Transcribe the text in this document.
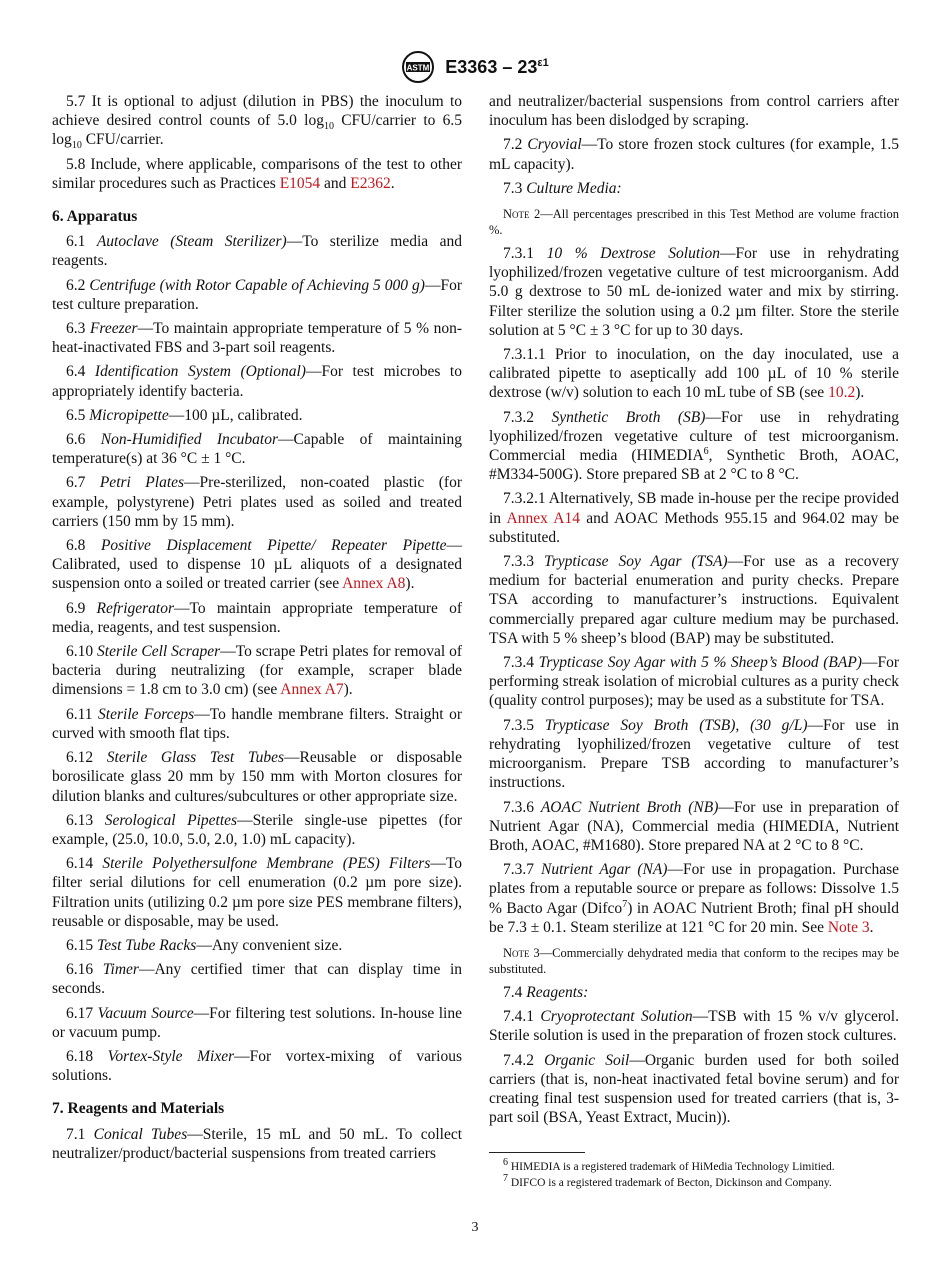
ASTM $E3363 - 23^{\varepsilon 1}$

5.7 It is optional to adjust (dilution in PBS) the inoculum to achieve desired control counts of 5.0 $\log_{10}$ CFU/carrier to 6.5 $\log_{10}$ CFU/carrier.

5.8 Include, where applicable, comparisons of the test to other similar procedures such as Practices E1054 and E2362.

6. Apparatus

6.1 Autoclave (Steam Sterilizer)—To sterilize media and reagents.

6.2 Centrifuge (with Rotor Capable of Achieving 5 000 g)—For test culture preparation.

6.3 Freezer—To maintain appropriate temperature of 5 % non-heat-inactivated FBS and 3-part soil reagents.

6.4 Identification System (Optional)—For test microbes to appropriately identify bacteria.

6.5 Micropipette—100 µL, calibrated.

6.6 Non-Humidified Incubator—Capable of maintaining temperature(s) at 36 °C ± 1 °C.

6.7 Petri Plates—Pre-sterilized, non-coated plastic (for example, polystyrene) Petri plates used as soiled and treated carriers (150 mm by 15 mm).

6.8 Positive Displacement Pipette/ Repeater Pipette—Calibrated, used to dispense 10 µL aliquots of a designated suspension onto a soiled or treated carrier (see Annex A8).

6.9 Refrigerator—To maintain appropriate temperature of media, reagents, and test suspension.

6.10 Sterile Cell Scraper—To scrape Petri plates for removal of bacteria during neutralizing (for example, scraper blade dimensions = 1.8 cm to 3.0 cm) (see Annex A7).

6.11 Sterile Forceps—To handle membrane filters. Straight or curved with smooth flat tips.

6.12 Sterile Glass Test Tubes—Reusable or disposable borosilicate glass 20 mm by 150 mm with Morton closures for dilution blanks and cultures/subcultures or other appropriate size.

6.13 Serological Pipettes—Sterile single-use pipettes (for example, (25.0, 10.0, 5.0, 2.0, 1.0) mL capacity).

6.14 Sterile Polyethersulfone Membrane (PES) Filters—To filter serial dilutions for cell enumeration (0.2 µm pore size). Filtration units (utilizing 0.2 µm pore size PES membrane filters), reusable or disposable, may be used.

6.15 Test Tube Racks—Any convenient size.

6.16 Timer—Any certified timer that can display time in seconds.

6.17 Vacuum Source—For filtering test solutions. In-house line or vacuum pump.

6.18 Vortex-Style Mixer—For vortex-mixing of various solutions.

7. Reagents and Materials

7.1 Conical Tubes—Sterile, 15 mL and 50 mL. To collect neutralizer/product/bacterial suspensions from treated carriers

and neutralizer/bacterial suspensions from control carriers after inoculum has been dislodged by scraping.

7.2 Cryovial—To store frozen stock cultures (for example, 1.5 mL capacity).

7.3 Culture Media:

Note 2—All percentages prescribed in this Test Method are volume fraction %.

7.3.1 10 % Dextrose Solution—For use in rehydrating lyophilized/frozen vegetative culture of test microorganism. Add 5.0 g dextrose to 50 mL de-ionized water and mix by stirring. Filter sterilize the solution using a 0.2 µm filter. Store the sterile solution at 5 °C ± 3 °C for up to 30 days.

7.3.1.1 Prior to inoculation, on the day inoculated, use a calibrated pipette to aseptically add 100 µL of 10 % sterile dextrose (w/v) solution to each 10 mL tube of SB (see 10.2).

7.3.2 Synthetic Broth (SB)—For use in rehydrating lyophilized/frozen vegetative culture of test microorganism. Commercial media (HIMEDIA$^6$, Synthetic Broth, AOAC, #M334-500G). Store prepared SB at 2 °C to 8 °C.

7.3.2.1 Alternatively, SB made in-house per the recipe provided in Annex A14 and AOAC Methods 955.15 and 964.02 may be substituted.

7.3.3 Trypticase Soy Agar (TSA)—For use as a recovery medium for bacterial enumeration and purity checks. Prepare TSA according to manufacturer’s instructions. Equivalent commercially prepared agar culture medium may be purchased. TSA with 5 % sheep’s blood (BAP) may be substituted.

7.3.4 Trypticase Soy Agar with 5 % Sheep’s Blood (BAP)—For performing streak isolation of microbial cultures as a purity check (quality control purposes); may be used as a substitute for TSA.

7.3.5 Trypticase Soy Broth (TSB), (30 g/L)—For use in rehydrating lyophilized/frozen vegetative culture of test microorganism. Prepare TSB according to manufacturer’s instructions.

7.3.6 AOAC Nutrient Broth (NB)—For use in preparation of Nutrient Agar (NA), Commercial media (HIMEDIA, Nutrient Broth, AOAC, #M1680). Store prepared NA at 2 °C to 8 °C.

7.3.7 Nutrient Agar (NA)—For use in propagation. Purchase plates from a reputable source or prepare as follows: Dissolve 1.5 % Bacto Agar (Difco$^7$) in AOAC Nutrient Broth; final pH should be 7.3 ± 0.1. Steam sterilize at 121 °C for 20 min. See Note 3.

Note 3—Commercially dehydrated media that conform to the recipes may be substituted.

7.4 Reagents:

7.4.1 Cryoprotectant Solution—TSB with 15 % v/v glycerol. Sterile solution is used in the preparation of frozen stock cultures.

7.4.2 Organic Soil—Organic burden used for both soiled carriers (that is, non-heat inactivated fetal bovine serum) and for creating final test suspension used for treated carriers (that is, 3-part soil (BSA, Yeast Extract, Mucin)).

$^6$ HIMEDIA is a registered trademark of HiMedia Technology Limitied.
$^7$ DIFCO is a registered trademark of Becton, Dickinson and Company.
3
